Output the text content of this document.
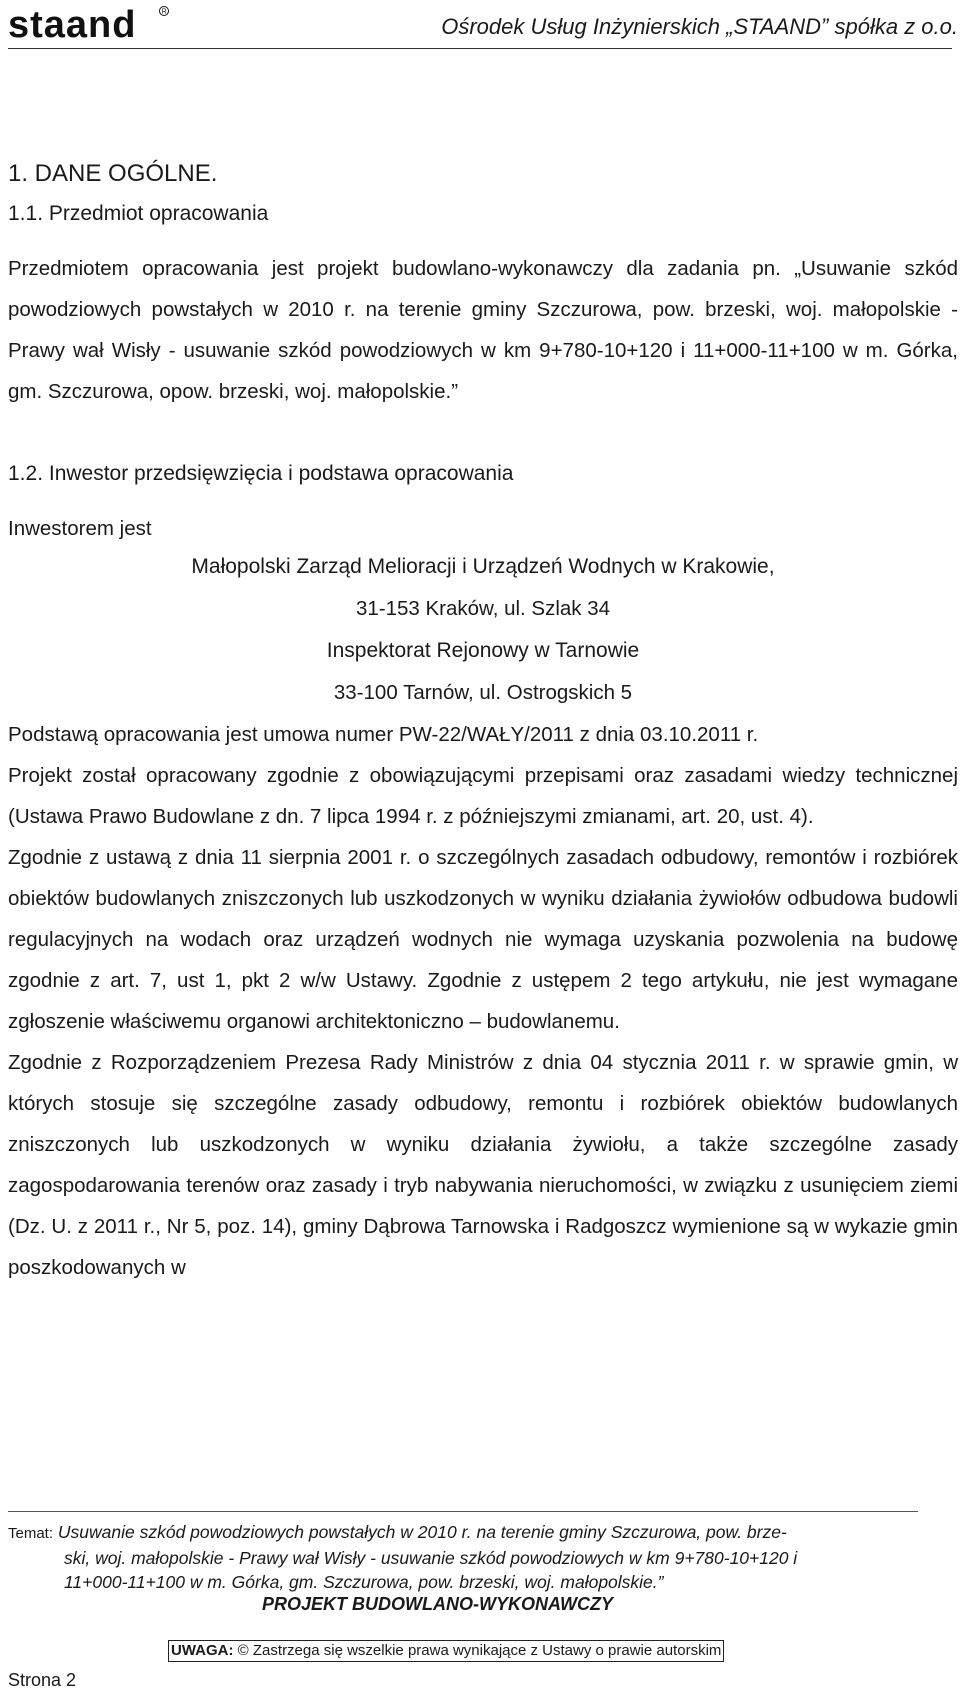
staand	R
Ośrodek Usług Inżynierskich „STAAND” spółka z o.o.
1. DANE OGÓLNE.
1.1. Przedmiot opracowania

Przedmiotem opracowania jest projekt budowlano-wykonawczy dla zadania pn. „Usuwanie szkód powodziowych powstałych w 2010 r. na terenie gminy Szczurowa, pow. brzeski, woj. małopolskie - Prawy wał Wisły - usuwanie szkód powodziowych w km 9+780-10+120 i 11+000-11+100 w m. Górka, gm. Szczurowa, opow. brzeski, woj. małopolskie.”

1.2. Inwestor przedsięwzięcia i podstawa opracowania

Inwestorem jest

Małopolski Zarząd Melioracji i Urządzeń Wodnych w Krakowie,

31-153 Kraków, ul. Szlak 34

Inspektorat Rejonowy w Tarnowie

33-100 Tarnów, ul. Ostrogskich 5

Podstawą opracowania jest umowa numer PW-22/WAŁY/2011 z dnia 03.10.2011 r.

Projekt został opracowany zgodnie z obowiązującymi przepisami oraz zasadami wiedzy technicznej (Ustawa Prawo Budowlane z dn. 7 lipca 1994 r. z późniejszymi zmianami, art. 20, ust. 4).

Zgodnie z ustawą z dnia 11 sierpnia 2001 r. o szczególnych zasadach odbudowy, remontów i rozbiórek obiektów budowlanych zniszczonych lub uszkodzonych w wyniku działania żywiołów odbudowa budowli regulacyjnych na wodach oraz urządzeń wodnych nie wymaga uzyskania pozwolenia na budowę zgodnie z art. 7, ust 1, pkt 2 w/w Ustawy. Zgodnie z ustępem 2 tego artykułu, nie jest wymagane zgłoszenie właściwemu organowi architektoniczno – budowlanemu.

Zgodnie z Rozporządzeniem Prezesa Rady Ministrów z dnia 04 stycznia 2011 r. w sprawie gmin, w których stosuje się szczególne zasady odbudowy, remontu i rozbiórek obiektów budowlanych zniszczonych lub uszkodzonych w wyniku działania żywiołu, a także szczególne zasady zagospodarowania terenów oraz zasady i tryb nabywania nieruchomości, w związku z usunięciem ziemi (Dz. U. z 2011 r., Nr 5, poz. 14), gminy Dąbrowa Tarnowska i Radgoszcz wymienione są w wykazie gmin poszkodowanych w

Temat: Usuwanie szkód powodziowych powstałych w 2010 r. na terenie gminy Szczurowa, pow. brze-
ski, woj. małopolskie - Prawy wał Wisły - usuwanie szkód powodziowych w km 9+780-10+120 i
11+000-11+100 w m. Górka, gm. Szczurowa, pow. brzeski, woj. małopolskie.”
PROJEKT BUDOWLANO-WYKONAWCZY
UWAGA: © Zastrzega się wszelkie prawa wynikające z Ustawy o prawie autorskim
Strona 2
